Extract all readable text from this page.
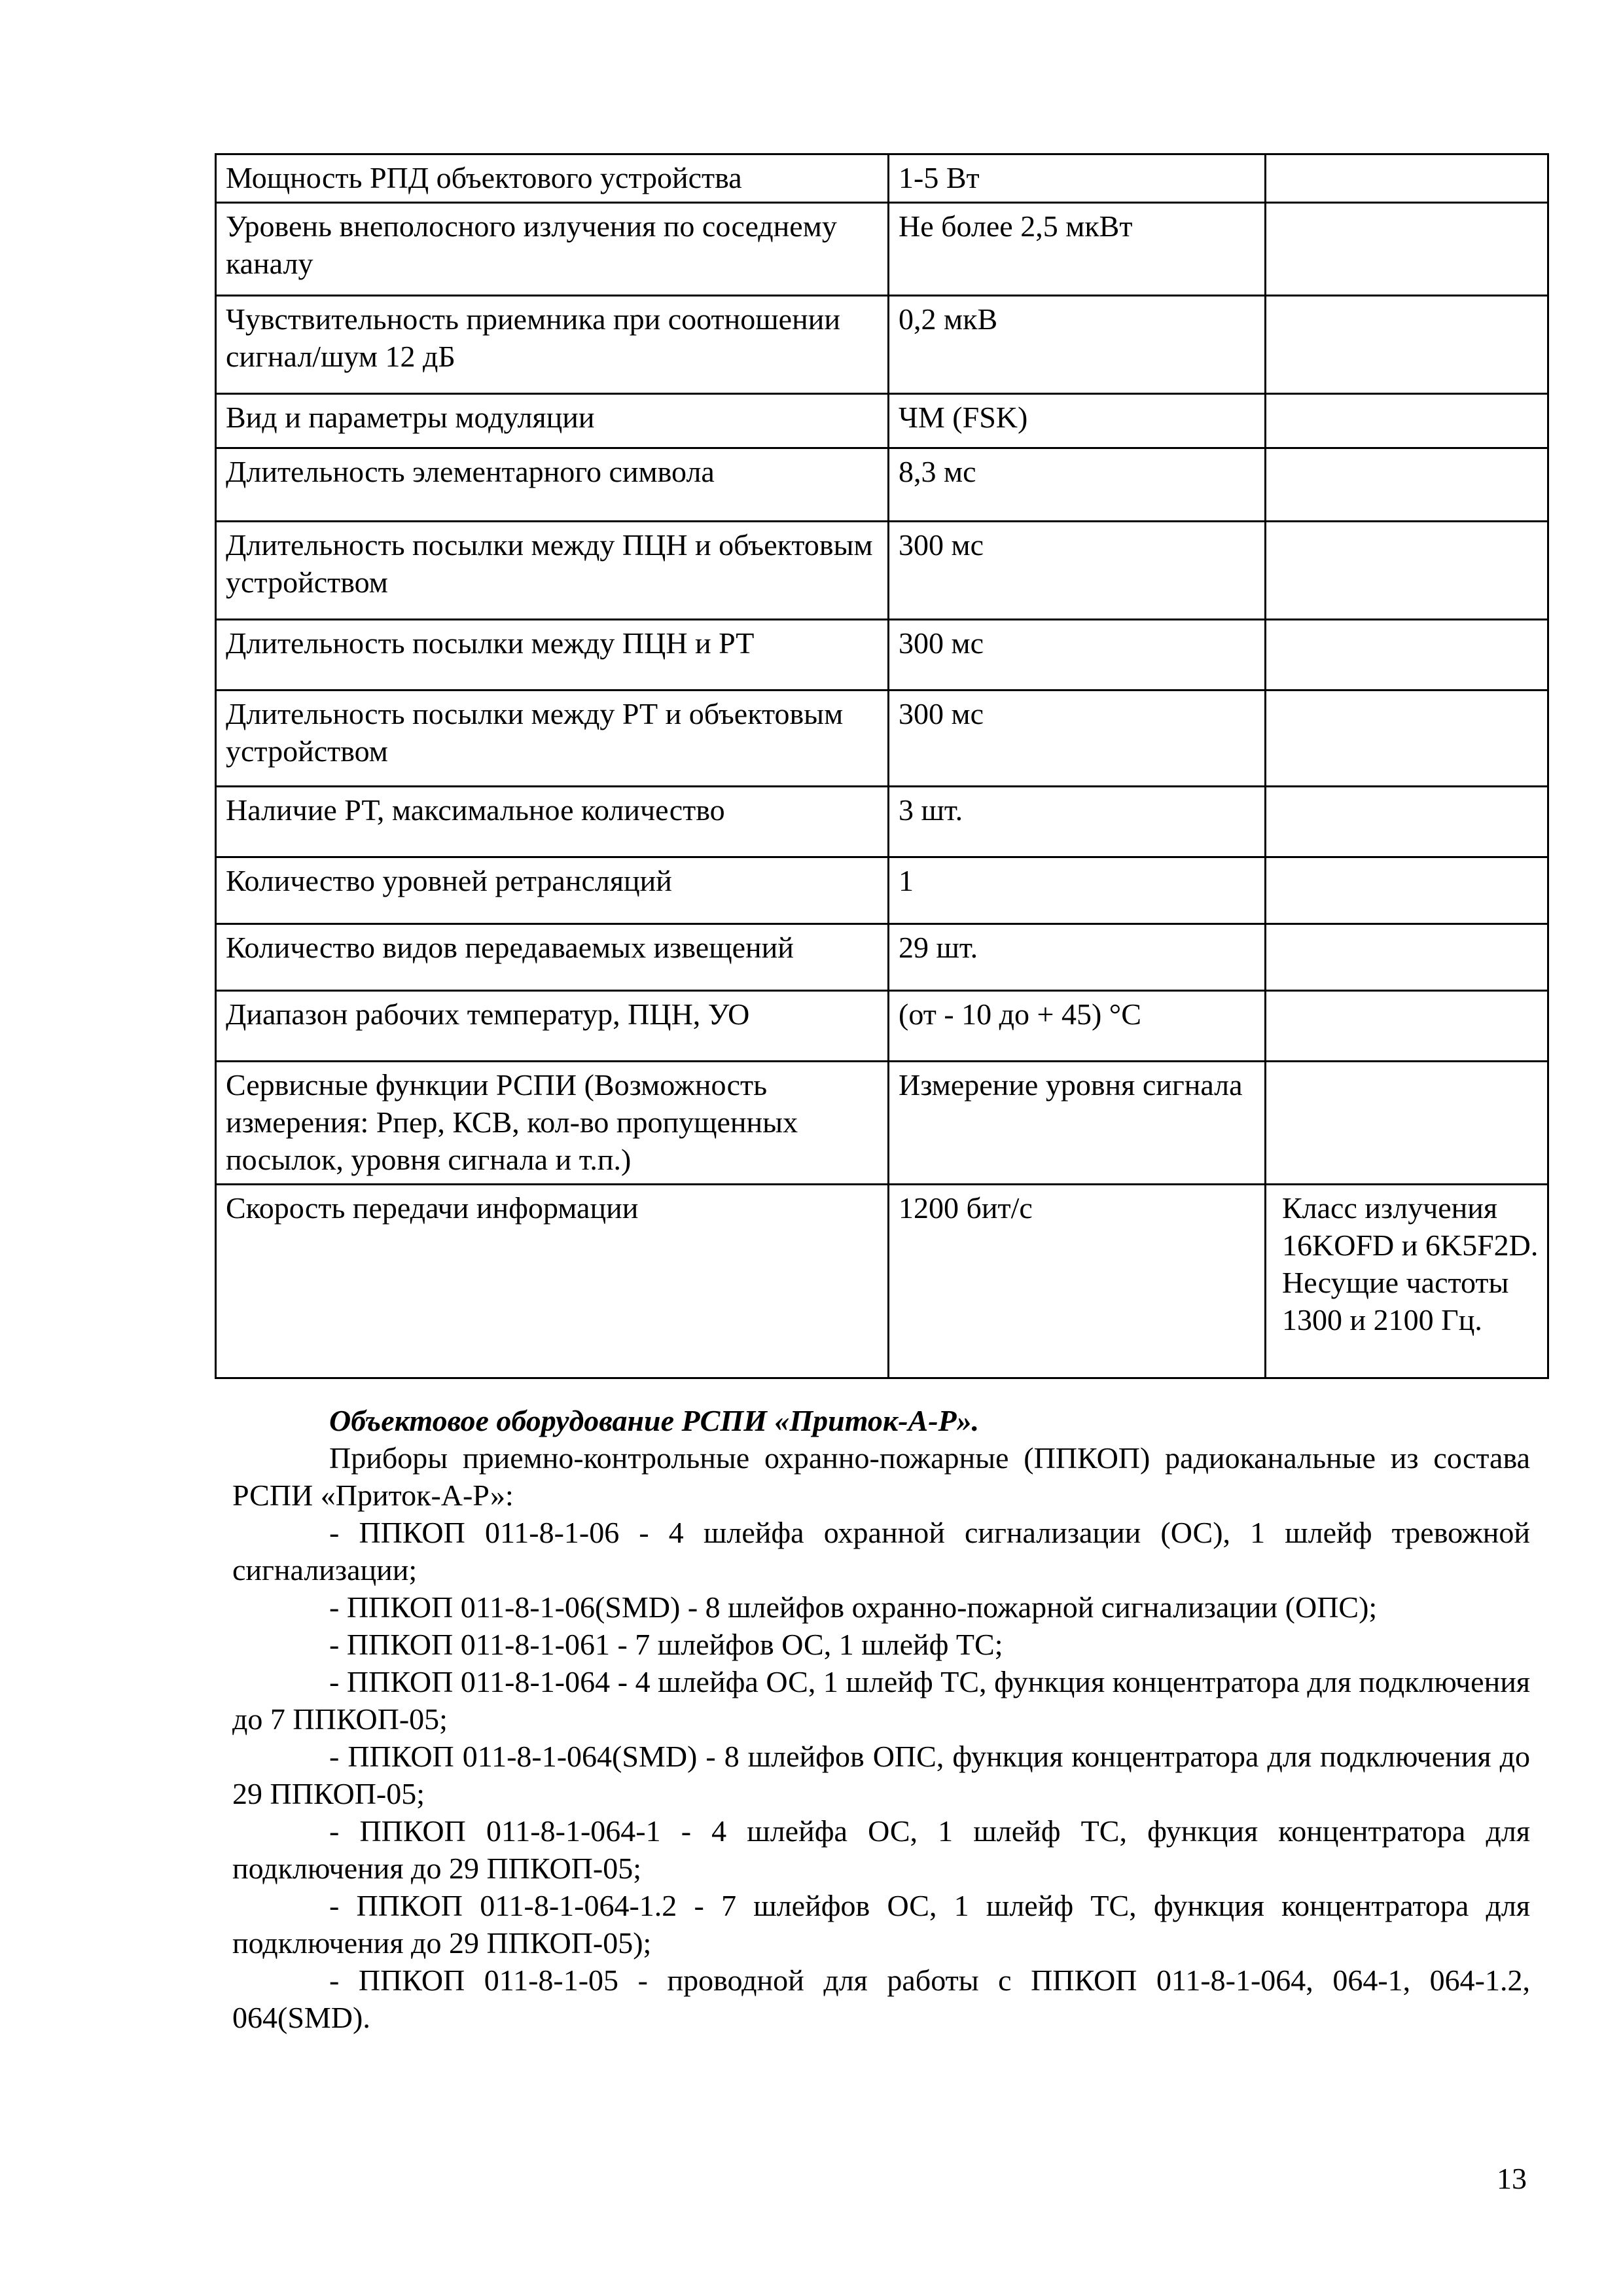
Мощность РПД объектового устройства	1-5 Вт	
Уровень внеполосного излучения по соседнему каналу	Не более 2,5 мкВт	
Чувствительность приемника при соотношении сигнал/шум 12 дБ	0,2 мкВ	
Вид и параметры модуляции	ЧМ (FSK)	
Длительность элементарного символа	8,3 мс	
Длительность посылки между ПЦН и объектовым устройством	300 мс	
Длительность посылки между ПЦН и РТ	300 мс	
Длительность посылки между РТ и объектовым устройством	300 мс	
Наличие РТ, максимальное количество	3 шт.	
Количество уровней ретрансляций	1	
Количество видов передаваемых извещений	29 шт.	
Диапазон рабочих температур, ПЦН, УО	(от - 10 до + 45) °С	
Сервисные функции РСПИ (Возможность измерения: Рпер, КСВ, кол-во пропущенных посылок, уровня сигнала и т.п.)	Измерение уровня сигнала	
Скорость передачи информации	1200 бит/с	Класс излучения 16KOFD и 6K5F2D. Несущие частоты 1300 и 2100 Гц.

Объектовое оборудование РСПИ «Приток-А-Р».

Приборы приемно-контрольные охранно-пожарные (ППКОП) радиоканальные из состава РСПИ «Приток-А-Р»:

- ППКОП 011-8-1-06 - 4 шлейфа охранной сигнализации (ОС), 1 шлейф тревожной сигнализации;

- ППКОП 011-8-1-06(SMD) - 8 шлейфов охранно-пожарной сигнализации (ОПС);

- ППКОП 011-8-1-061 - 7 шлейфов ОС, 1 шлейф ТС;

- ППКОП 011-8-1-064 - 4 шлейфа ОС, 1 шлейф ТС, функция концентратора для подключения до 7 ППКОП-05;

- ППКОП 011-8-1-064(SMD) - 8 шлейфов ОПС, функция концентратора для подключения до 29 ППКОП-05;

- ППКОП 011-8-1-064-1 - 4 шлейфа ОС, 1 шлейф ТС, функция концентратора для подключения до 29 ППКОП-05;

- ППКОП 011-8-1-064-1.2 - 7 шлейфов ОС, 1 шлейф ТС, функция концентратора для подключения до 29 ППКОП-05);

- ППКОП 011-8-1-05 - проводной для работы с ППКОП 011-8-1-064, 064-1, 064-1.2, 064(SMD).

13
